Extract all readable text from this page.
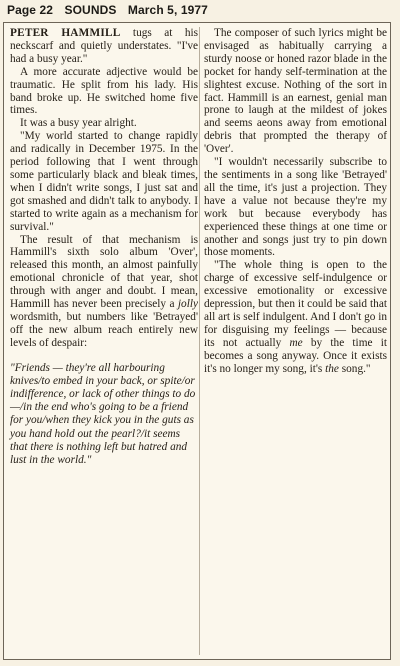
Page 22 SOUNDS March 5, 1977

PETER HAMMILL tugs at his neckscarf and quietly understates. "I've had a busy year."

A more accurate adjective would be traumatic. He split from his lady. His band broke up. He switched home five times.

It was a busy year alright.

"My world started to change rapidly and radically in December 1975. In the period following that I went through some particularly black and bleak times, when I didn't write songs, I just sat and got smashed and didn't talk to anybody. I started to write again as a mechanism for survival."

The result of that mechanism is Hammill's sixth solo album 'Over', released this month, an almost painfully emotional chronicle of that year, shot through with anger and doubt. I mean, Hammill has never been precisely a jolly wordsmith, but numbers like 'Betrayed' off the new album reach entirely new levels of despair:

"Friends — they're all harbouring knives/to embed in your back, or spite/or indifference, or lack of other things to do —/in the end who's going to be a friend for you/when they kick you in the guts as you hand hold out the pearl?/it seems that there is nothing left but hatred and lust in the world."

The composer of such lyrics might be envisaged as habitually carrying a sturdy noose or honed razor blade in the pocket for handy self-termination at the slightest excuse. Nothing of the sort in fact. Hammill is an earnest, genial man prone to laugh at the mildest of jokes and seems aeons away from emotional debris that prompted the therapy of 'Over'.

"I wouldn't necessarily subscribe to the sentiments in a song like 'Betrayed' all the time, it's just a projection. They have a value not because they're my work but because everybody has experienced these things at one time or another and songs just try to pin down those moments.

"The whole thing is open to the charge of excessive self-indulgence or excessive emotionality or excessive depression, but then it could be said that all art is self indulgent. And I don't go in for disguising my feelings — because its not actually me by the time it becomes a song anyway. Once it exists it's no longer my song, it's the song."
